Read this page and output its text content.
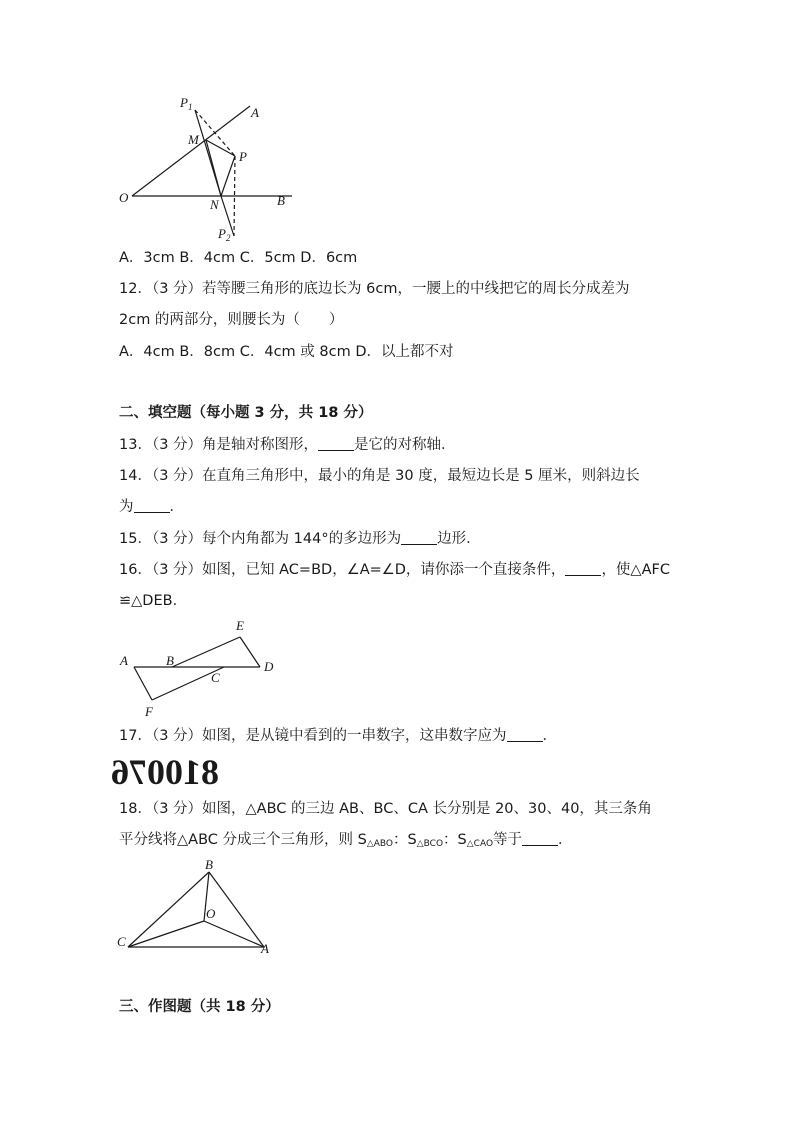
$P_1$	A
M
P
O	N	B
$P_2$
A．3cm B．4cm C．5cm D．6cm
12．（3 分）若等腰三角形的底边长为 6cm，一腰上的中线把它的周长分成差为
2cm 的两部分，则腰长为（　　）
A．4cm B．8cm C．4cm 或 8cm D．以上都不对
二、填空题（每小题 3 分，共 18 分）
13．（3 分）角是轴对称图形， 是它的对称轴．
14．（3 分）在直角三角形中，最小的角是 30 度，最短边长是 5 厘米，则斜边长
为 ．
15．（3 分）每个内角都为 144°的多边形为 边形．
16．（3 分）如图，已知 AC=BD，∠A=∠D，请你添一个直接条件， ，使△AFC
≌△DEB．
E
A	B	D
C
F
17．（3 分）如图，是从镜中看到的一串数字，这串数字应为 ．
810076
18．（3 分）如图，△ABC 的三边 AB、BC、CA 长分别是 20、30、40，其三条角
平分线将△ABC 分成三个三角形，则 $S_{\triangle ABO}$：$S_{\triangle BCO}$：$S_{\triangle CAO}$等于 ．
B
O
C	A
三、作图题（共 18 分）
